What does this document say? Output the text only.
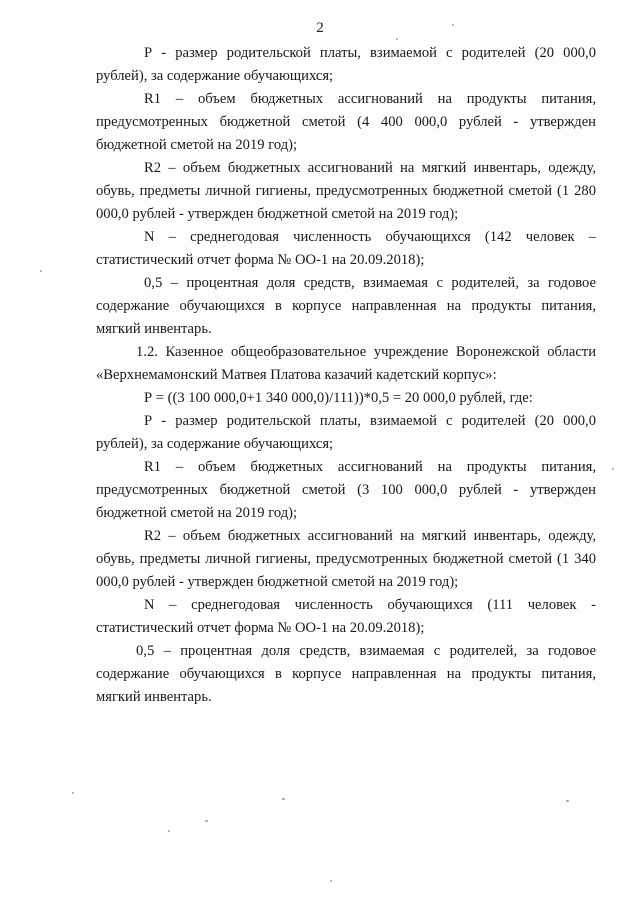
2

Р - размер родительской платы, взимаемой с родителей (20 000,0 рублей), за содержание обучающихся;

R1 – объем бюджетных ассигнований на продукты питания, предусмотренных бюджетной сметой (4 400 000,0 рублей - утвержден бюджетной сметой на 2019 год);

R2 – объем бюджетных ассигнований на мягкий инвентарь, одежду, обувь, предметы личной гигиены, предусмотренных бюджетной сметой (1 280 000,0 рублей - утвержден бюджетной сметой на 2019 год);

N – среднегодовая численность обучающихся (142 человек – статистический отчет форма № ОО-1 на 20.09.2018);

0,5 – процентная доля средств, взимаемая с родителей, за годовое содержание обучающихся в корпусе направленная на продукты питания, мягкий инвентарь.

1.2. Казенное общеобразовательное учреждение Воронежской области «Верхнемамонский Матвея Платова казачий кадетский корпус»:

Р = ((3 100 000,0+1 340 000,0)/111))*0,5 = 20 000,0 рублей, где:

Р - размер родительской платы, взимаемой с родителей (20 000,0 рублей), за содержание обучающихся;

R1 – объем бюджетных ассигнований на продукты питания, предусмотренных бюджетной сметой (3 100 000,0 рублей - утвержден бюджетной сметой на 2019 год);

R2 – объем бюджетных ассигнований на мягкий инвентарь, одежду, обувь, предметы личной гигиены, предусмотренных бюджетной сметой (1 340 000,0 рублей - утвержден бюджетной сметой на 2019 год);

N – среднегодовая численность обучающихся (111 человек - статистический отчет форма № ОО-1 на 20.09.2018);

0,5 – процентная доля средств, взимаемая с родителей, за годовое содержание обучающихся в корпусе направленная на продукты питания, мягкий инвентарь.
